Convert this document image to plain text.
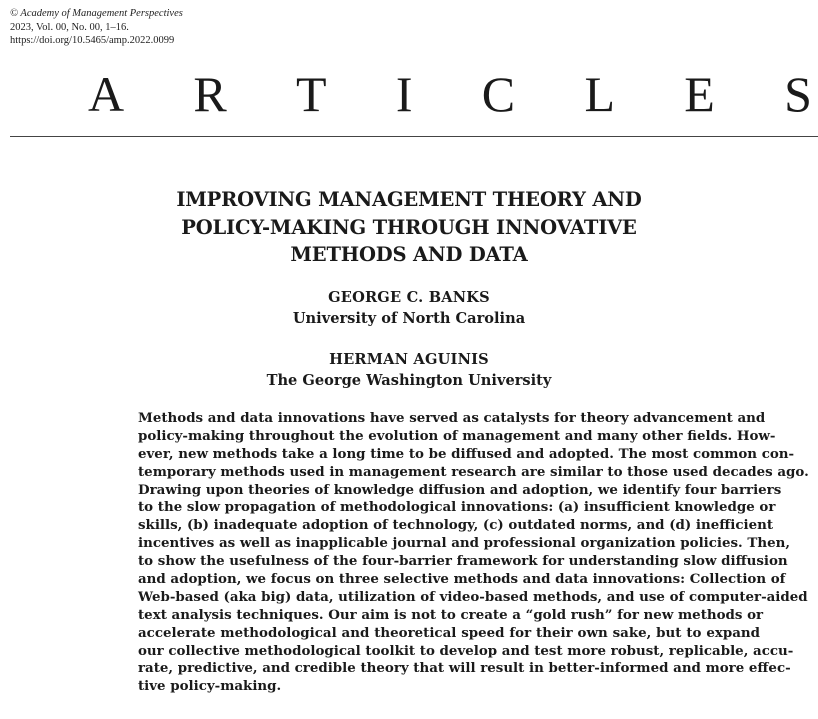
© Academy of Management Perspectives
2023, Vol. 00, No. 00, 1–16.
https://doi.org/10.5465/amp.2022.0099
A R T I C L E S
IMPROVING MANAGEMENT THEORY AND
POLICY-MAKING THROUGH INNOVATIVE
METHODS AND DATA
GEORGE C. BANKS
University of North Carolina
HERMAN AGUINIS
The George Washington University
Methods and data innovations have served as catalysts for theory advancement and
policy-making throughout the evolution of management and many other fields. How-
ever, new methods take a long time to be diffused and adopted. The most common con-
temporary methods used in management research are similar to those used decades ago.
Drawing upon theories of knowledge diffusion and adoption, we identify four barriers
to the slow propagation of methodological innovations: (a) insufficient knowledge or
skills, (b) inadequate adoption of technology, (c) outdated norms, and (d) inefficient
incentives as well as inapplicable journal and professional organization policies. Then,
to show the usefulness of the four-barrier framework for understanding slow diffusion
and adoption, we focus on three selective methods and data innovations: Collection of
Web-based (aka big) data, utilization of video-based methods, and use of computer-aided
text analysis techniques. Our aim is not to create a “gold rush” for new methods or
accelerate methodological and theoretical speed for their own sake, but to expand
our collective methodological toolkit to develop and test more robust, replicable, accu-
rate, predictive, and credible theory that will result in better-informed and more effec-
tive policy-making.
